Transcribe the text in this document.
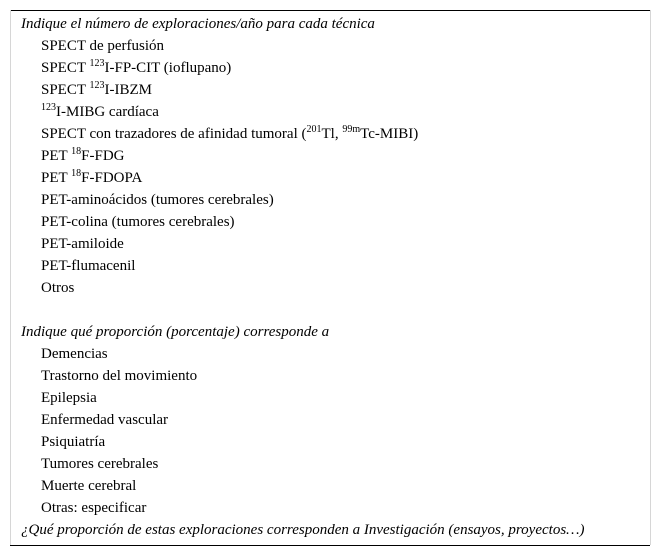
Indique el número de exploraciones/año para cada técnica
SPECT de perfusión
SPECT $^{123}$I-FP-CIT (ioflupano)
SPECT $^{123}$I-IBZM
$^{123}$I-MIBG cardíaca
SPECT con trazadores de afinidad tumoral ($^{201}$Tl, $^{99m}$Tc-MIBI)
PET $^{18}$F-FDG
PET $^{18}$F-FDOPA
PET-aminoácidos (tumores cerebrales)
PET-colina (tumores cerebrales)
PET-amiloide
PET-flumacenil
Otros
Indique qué proporción (porcentaje) corresponde a
Demencias
Trastorno del movimiento
Epilepsia
Enfermedad vascular
Psiquiatría
Tumores cerebrales
Muerte cerebral
Otras: especificar
¿Qué proporción de estas exploraciones corresponden a Investigación (ensayos, proyectos…)
